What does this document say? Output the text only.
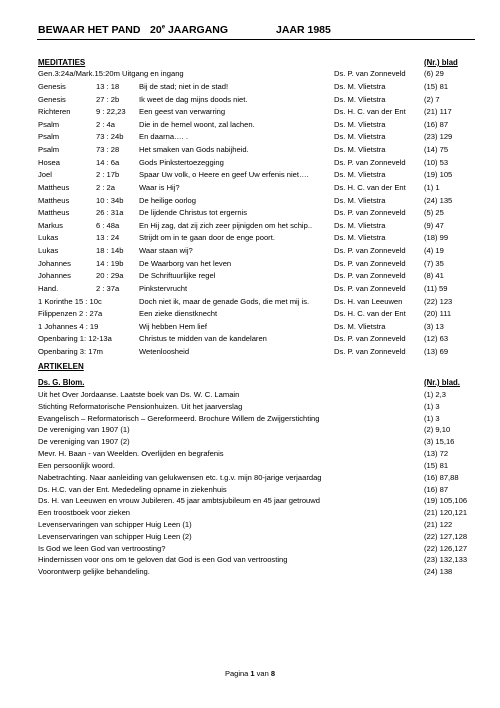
BEWAAR HET PAND 20e JAARGANG	JAAR 1985
MEDITATIES	(Nr.) blad
Gen.3:24a/Mark.15:20m Uitgang en ingang	Ds. P. van Zonneveld (6) 29
Genesis	13 : 18	Bij de stad; niet in de stad!	Ds. M. Vlietstra	(15) 81
Genesis	27 : 2b	Ik weet de dag mijns doods niet.	Ds. M. Vlietstra	(2) 7
Richteren	9 : 22,23 Een geest van verwarring	Ds. H. C. van der Ent (21) 117
Psalm	2 : 4a	Die in de hemel woont, zal lachen.	Ds. M. Vlietstra	(16) 87
Psalm	73 : 24b En daarna…. .	Ds. M. Vlietstra	(23) 129
Psalm	73 : 28	Het smaken van Gods nabijheid.	Ds. M. Vlietstra	(14) 75
Hosea	14 : 6a	Gods Pinkstertoezegging	Ds. P. van Zonneveld (10) 53
Joel	2 : 17b	Spaar Uw volk, o Heere en geef Uw erfenis niet….	Ds. M. Vlietstra	(19) 105
Mattheus	2 : 2a	Waar is Hij?	Ds. H. C. van der Ent (1) 1
Mattheus	10 : 34b De heilige oorlog	Ds. M. Vlietstra	(24) 135
Mattheus	26 : 31a De lijdende Christus tot ergernis	Ds. P. van Zonneveld (5) 25
Markus	6 : 48a	En Hij zag, dat zij zich zeer pijnigden om het schip..	Ds. M. Vlietstra	(9) 47
Lukas	13 : 24	Strijdt om in te gaan door de enge poort.	Ds. M. Vlietstra	(18) 99
Lukas	18 : 14b Waar staan wij?	Ds. P. van Zonneveld (4) 19
Johannes	14 : 19b De Waarborg van het leven	Ds. P. van Zonneveld (7) 35
Johannes	20 : 29a De Schriftuurlijke regel	Ds. P. van Zonneveld (8) 41
Hand.	2 : 37a	Pinkstervrucht	Ds. P. van Zonneveld (11) 59
1 Korinthe 15 : 10c	Doch niet ik, maar de genade Gods, die met mij is.	Ds. H. van Leeuwen	(22) 123
Filippenzen 2 : 27a	Een zieke dienstknecht	Ds. H. C. van der Ent (20) 111
1 Johannes 4 : 19	Wij hebben Hem lief	Ds. M. Vlietstra	(3) 13
Openbaring 1: 12-13a	Christus te midden van de kandelaren	Ds. P. van Zonneveld (12) 63
Openbaring 3: 17m	Wetenloosheid	Ds. P. van Zonneveld (13) 69
ARTIKELEN
Ds. G. Blom.	(Nr.) blad.
Uit het Over Jordaanse. Laatste boek van Ds. W. C. Lamain	(1) 2,3
Stichting Reformatorische Pensionhuizen. Uit het jaarverslag	(1) 3
Evangelisch – Reformatorisch – Gereformeerd. Brochure Willem de Zwijgerstichting	(1) 3
De vereniging van 1907 (1)	(2) 9,10
De vereniging van 1907 (2)	(3) 15,16
Mevr. H. Baan - van Weelden. Overlijden en begrafenis	(13) 72
Een persoonlijk woord.	(15) 81
Nabetrachting. Naar aanleiding van gelukwensen etc. t.g.v. mijn 80-jarige verjaardag	(16) 87,88
Ds. H.C. van der Ent. Mededeling opname in ziekenhuis	(16) 87
Ds. H. van Leeuwen en vrouw Jubileren. 45 jaar ambtsjubileum en 45 jaar getrouwd	(19) 105,106
Een troostboek voor zieken	(21) 120,121
Levenservaringen van schipper Huig Leen (1)	(21) 122
Levenservaringen van schipper Huig Leen (2)	(22) 127,128
Is God we leen God van vertroosting?	(22) 126,127
Hindernissen voor ons om te geloven dat God is een God van vertroosting	(23) 132,133
Voorontwerp gelijke behandeling.	(24) 138
Pagina 1 van 8
